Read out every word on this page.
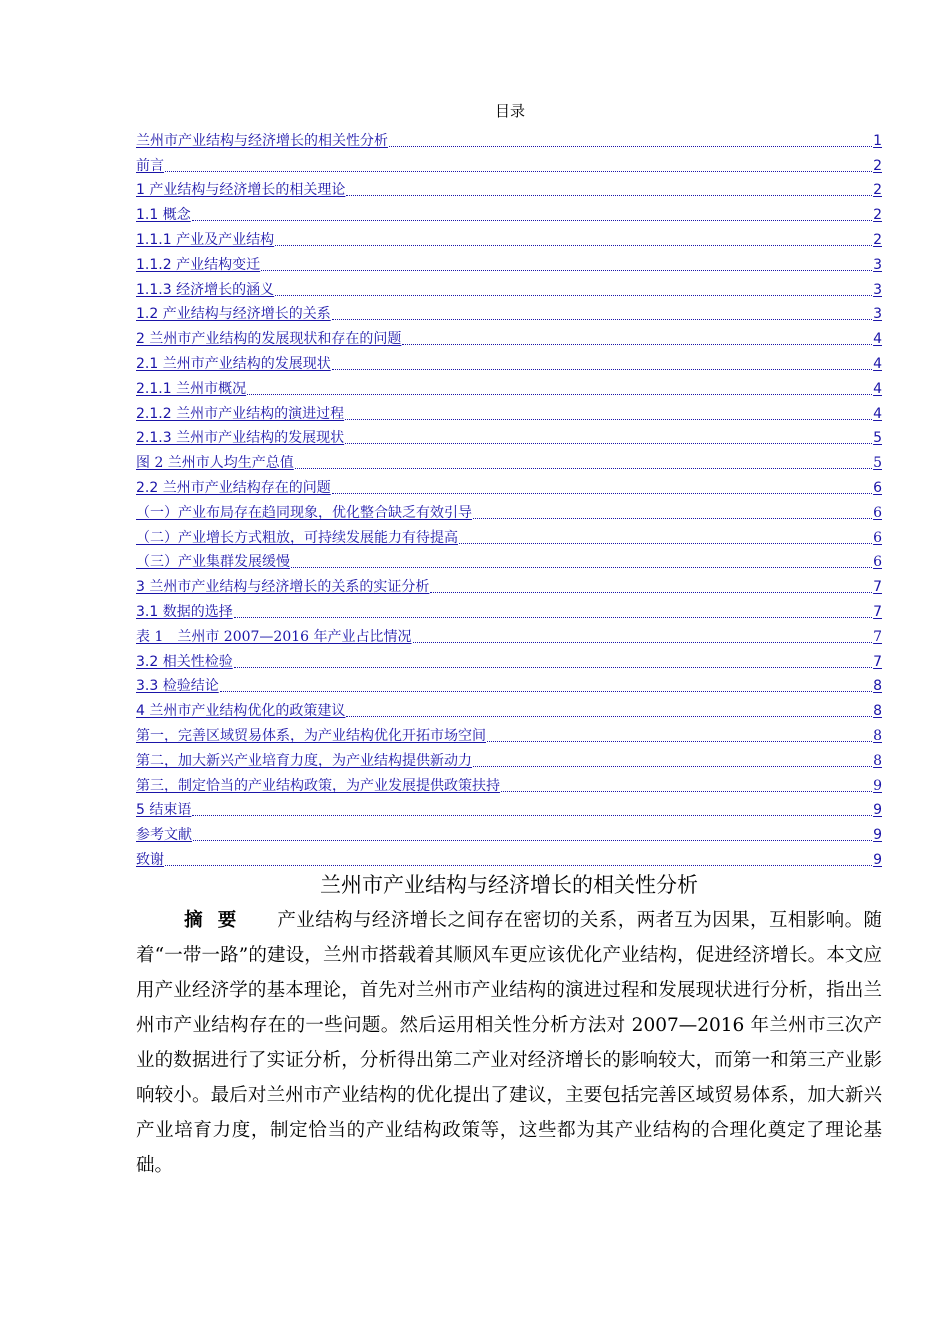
目录
兰州市产业结构与经济增长的相关性分析	1
前言	2
1 产业结构与经济增长的相关理论	2
1.1 概念	2
1.1.1 产业及产业结构	2
1.1.2 产业结构变迁	3
1.1.3 经济增长的涵义	3
1.2 产业结构与经济增长的关系	3
2 兰州市产业结构的发展现状和存在的问题	4
2.1 兰州市产业结构的发展现状	4
2.1.1 兰州市概况	4
2.1.2 兰州市产业结构的演进过程	4
2.1.3 兰州市产业结构的发展现状	5
图 2 兰州市人均生产总值	5
2.2 兰州市产业结构存在的问题	6
（一）产业布局存在趋同现象，优化整合缺乏有效引导	6
（二）产业增长方式粗放，可持续发展能力有待提高	6
（三）产业集群发展缓慢	6
3 兰州市产业结构与经济增长的关系的实证分析	7
3.1 数据的选择	7
表 1　兰州市 2007—2016 年产业占比情况	7
3.2 相关性检验	7
3.3 检验结论	8
4 兰州市产业结构优化的政策建议	8
第一，完善区域贸易体系，为产业结构优化开拓市场空间	8
第二，加大新兴产业培育力度，为产业结构提供新动力	8
第三，制定恰当的产业结构政策，为产业发展提供政策扶持	9
5 结束语	9
参考文献	9
致谢	9
兰州市产业结构与经济增长的相关性分析

摘要 产业结构与经济增长之间存在密切的关系，两者互为因果，互相影响。随着“一带一路”的建设，兰州市搭载着其顺风车更应该优化产业结构，促进经济增长。本文应用产业经济学的基本理论，首先对兰州市产业结构的演进过程和发展现状进行分析，指出兰州市产业结构存在的一些问题。然后运用相关性分析方法对 2007—2016 年兰州市三次产业的数据进行了实证分析，分析得出第二产业对经济增长的影响较大，而第一和第三产业影响较小。最后对兰州市产业结构的优化提出了建议，主要包括完善区域贸易体系，加大新兴产业培育力度，制定恰当的产业结构政策等，这些都为其产业结构的合理化奠定了理论基础。
